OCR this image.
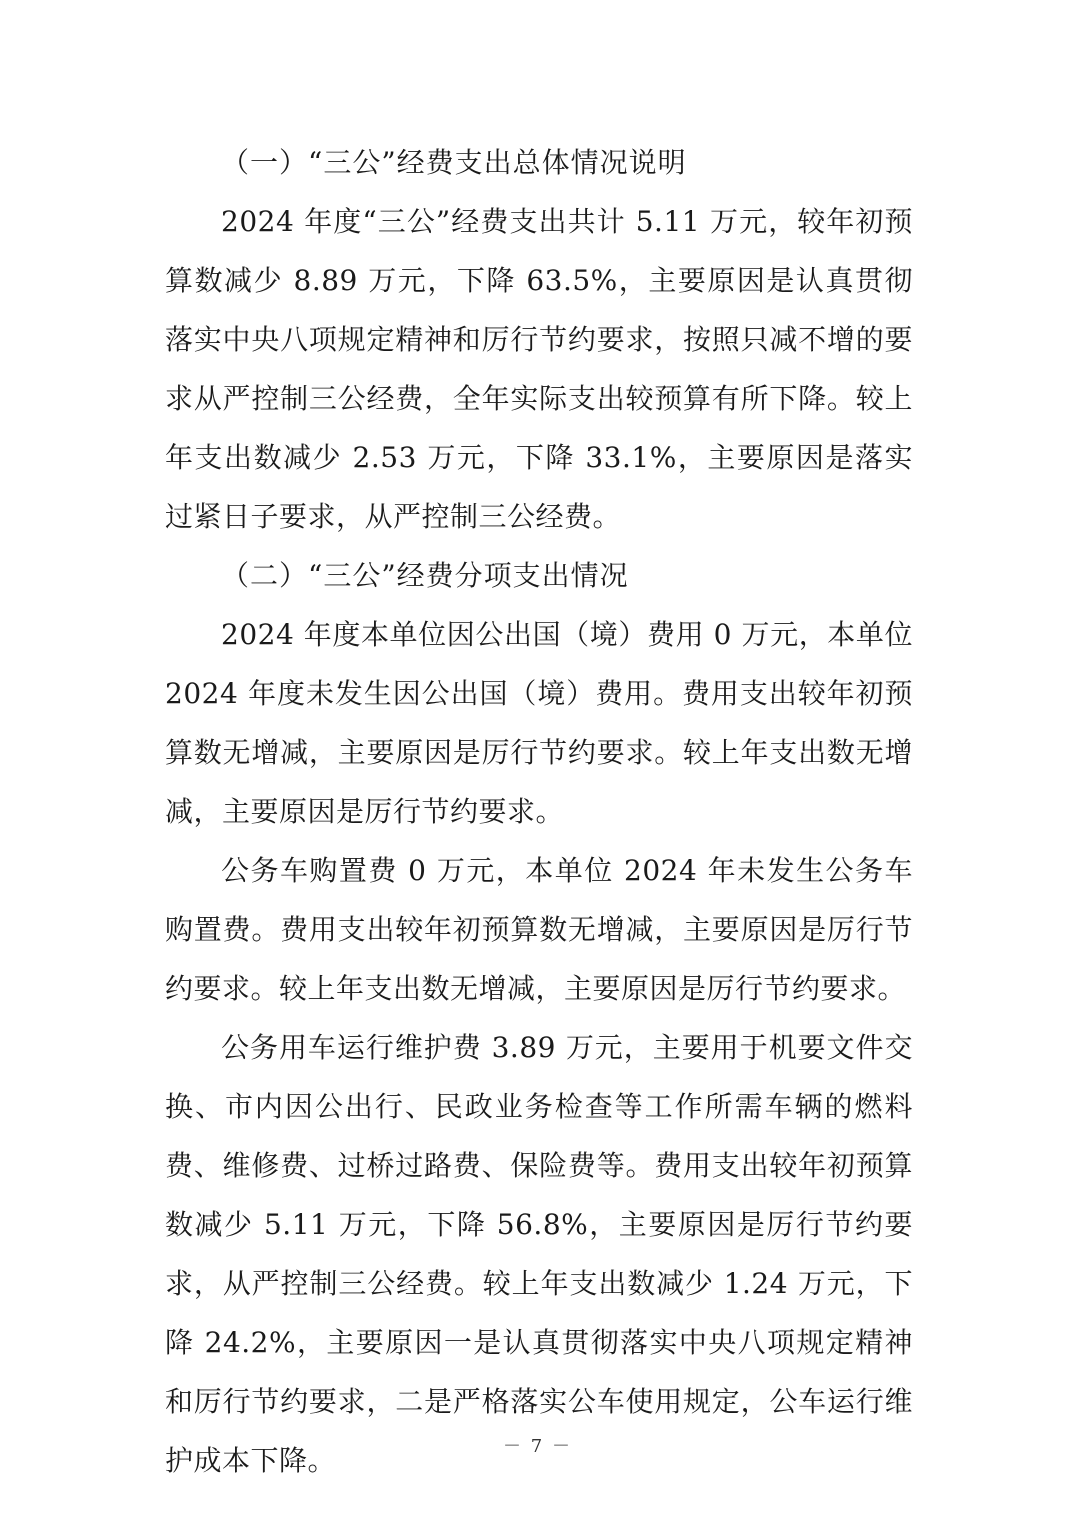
（一）“三公”经费支出总体情况说明

2024 年度“三公”经费支出共计 5.11 万元，较年初预算数减少 8.89 万元，下降 63.5%，主要原因是认真贯彻落实中央八项规定精神和厉行节约要求，按照只减不增的要求从严控制三公经费，全年实际支出较预算有所下降。较上年支出数减少 2.53 万元，下降 33.1%，主要原因是落实过紧日子要求，从严控制三公经费。

（二）“三公”经费分项支出情况

2024 年度本单位因公出国（境）费用 0 万元，本单位 2024 年度未发生因公出国（境）费用。费用支出较年初预算数无增减，主要原因是厉行节约要求。较上年支出数无增减，主要原因是厉行节约要求。

公务车购置费 0 万元，本单位 2024 年未发生公务车购置费。费用支出较年初预算数无增减，主要原因是厉行节约要求。较上年支出数无增减，主要原因是厉行节约要求。

公务用车运行维护费 3.89 万元，主要用于机要文件交换、市内因公出行、民政业务检查等工作所需车辆的燃料费、维修费、过桥过路费、保险费等。费用支出较年初预算数减少 5.11 万元，下降 56.8%，主要原因是厉行节约要求，从严控制三公经费。较上年支出数减少 1.24 万元，下降 24.2%，主要原因一是认真贯彻落实中央八项规定精神和厉行节约要求，二是严格落实公车使用规定，公车运行维护成本下降。	－ 7 －
